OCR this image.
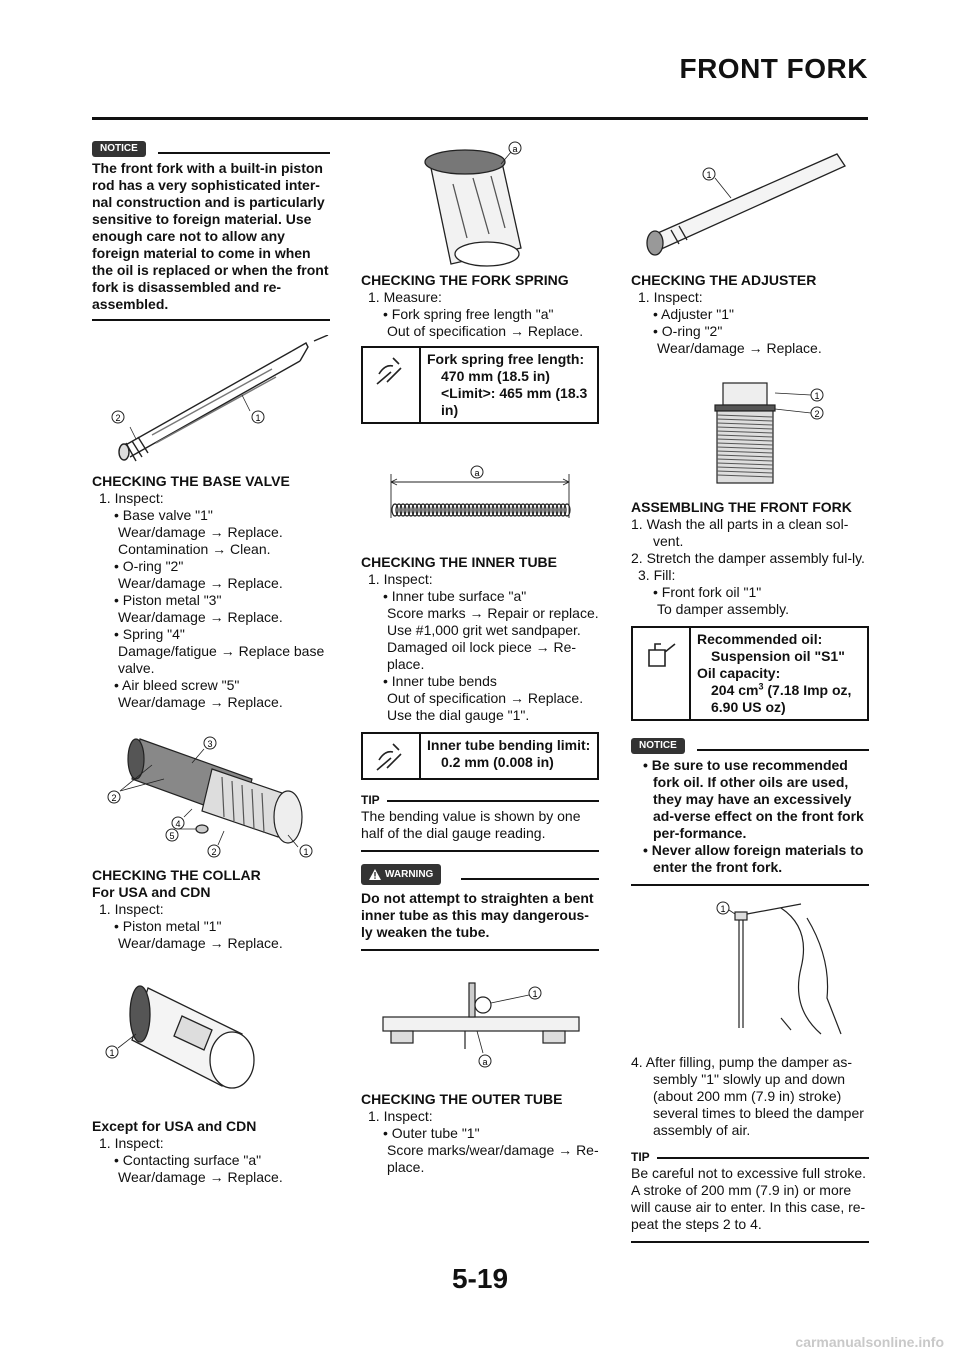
FRONT FORK
NOTICE

The front fork with a built-in piston rod has a very sophisticated inter-nal construction and is particularly sensitive to foreign material. Use enough care not to allow any foreign material to come in when the oil is replaced or when the front fork is disassembled and re-assembled.

1
2

CHECKING THE BASE VALVE

1. Inspect:

• Base valve "1"

Wear/damage → Replace.

Contamination → Clean.

• O-ring "2"

Wear/damage → Replace.

• Piston metal "3"

Wear/damage → Replace.

• Spring "4"

Damage/fatigue → Replace base valve.

• Air bleed screw "5"

Wear/damage → Replace.

3
2
4
5
2	1

CHECKING THE COLLAR

For USA and CDN

1. Inspect:

• Piston metal "1"

Wear/damage → Replace.

1

Except for USA and CDN

1. Inspect:

• Contacting surface "a"

Wear/damage → Replace.

a

CHECKING THE FORK SPRING

1. Measure:

• Fork spring free length "a"

Out of specification → Replace.

Fork spring free length:
470 mm (18.5 in)
<Limit>: 465 mm (18.3 in)
a

CHECKING THE INNER TUBE

1. Inspect:

• Inner tube surface "a"

Score marks → Repair or replace.

Use #1,000 grit wet sandpaper.

Damaged oil lock piece → Re-place.

• Inner tube bends

Out of specification → Replace.

Use the dial gauge "1".

Inner tube bending limit:
0.2 mm (0.008 in)
TIP

The bending value is shown by one half of the dial gauge reading.

WARNING

Do not attempt to straighten a bent inner tube as this may dangerous-ly weaken the tube.

1
a

CHECKING THE OUTER TUBE

1. Inspect:

• Outer tube "1"

Score marks/wear/damage → Re-place.

1

CHECKING THE ADJUSTER

1. Inspect:

• Adjuster "1"

• O-ring "2"

Wear/damage → Replace.

1
2

ASSEMBLING THE FRONT FORK

1. Wash the all parts in a clean sol-vent.

2. Stretch the damper assembly ful-ly.

3. Fill:

• Front fork oil "1"

To damper assembly.

Recommended oil:
Suspension oil "S1"
Oil capacity:
204 $cm^3$ (7.18 Imp oz, 6.90 US oz)
NOTICE

• Be sure to use recommended fork oil. If other oils are used, they may have an excessively ad-verse effect on the front fork per-formance.

• Never allow foreign materials to enter the front fork.

1

4. After filling, pump the damper as-sembly "1" slowly up and down (about 200 mm (7.9 in) stroke) several times to bleed the damper assembly of air.

TIP

Be careful not to excessive full stroke. A stroke of 200 mm (7.9 in) or more will cause air to enter. In this case, re-peat the steps 2 to 4.

5-19
carmanualsonline.info
